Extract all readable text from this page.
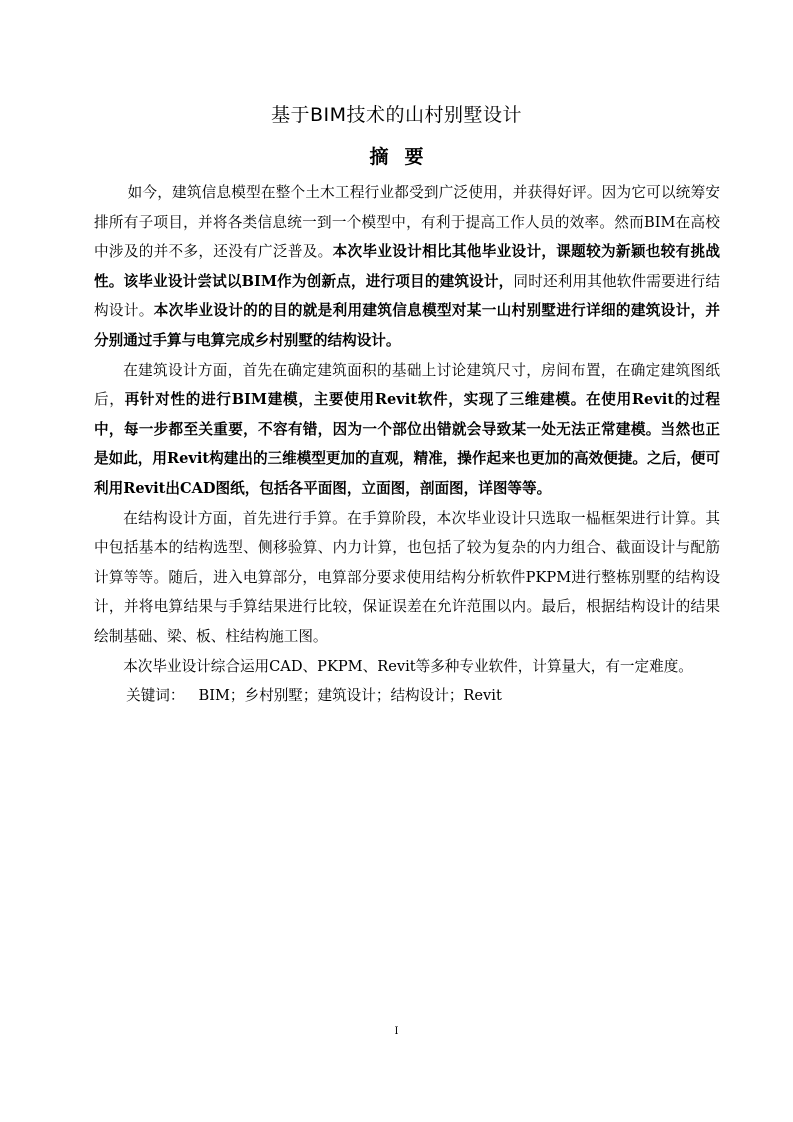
基于BIM技术的山村别墅设计
摘要

如今，建筑信息模型在整个土木工程行业都受到广泛使用，并获得好评。因为它可以统筹安排所有子项目，并将各类信息统一到一个模型中，有利于提高工作人员的效率。然而BIM在高校中涉及的并不多，还没有广泛普及。本次毕业设计相比其他毕业设计，课题较为新颖也较有挑战性。该毕业设计尝试以BIM作为创新点，进行项目的建筑设计，同时还利用其他软件需要进行结构设计。本次毕业设计的的目的就是利用建筑信息模型对某一山村别墅进行详细的建筑设计，并分别通过手算与电算完成乡村别墅的结构设计。

在建筑设计方面，首先在确定建筑面积的基础上讨论建筑尺寸，房间布置，在确定建筑图纸后，再针对性的进行BIM建模，主要使用Revit软件，实现了三维建模。在使用Revit的过程中，每一步都至关重要，不容有错，因为一个部位出错就会导致某一处无法正常建模。当然也正是如此，用Revit构建出的三维模型更加的直观，精准，操作起来也更加的高效便捷。之后，便可利用Revit出CAD图纸，包括各平面图，立面图，剖面图，详图等等。

在结构设计方面，首先进行手算。在手算阶段，本次毕业设计只选取一榀框架进行计算。其中包括基本的结构选型、侧移验算、内力计算，也包括了较为复杂的内力组合、截面设计与配筋计算等等。随后，进入电算部分，电算部分要求使用结构分析软件PKPM进行整栋别墅的结构设计，并将电算结果与手算结果进行比较，保证误差在允许范围以内。最后，根据结构设计的结果绘制基础、梁、板、柱结构施工图。

本次毕业设计综合运用CAD、PKPM、Revit等多种专业软件，计算量大，有一定难度。

关键词： BIM；乡村别墅；建筑设计；结构设计；Revit

I
